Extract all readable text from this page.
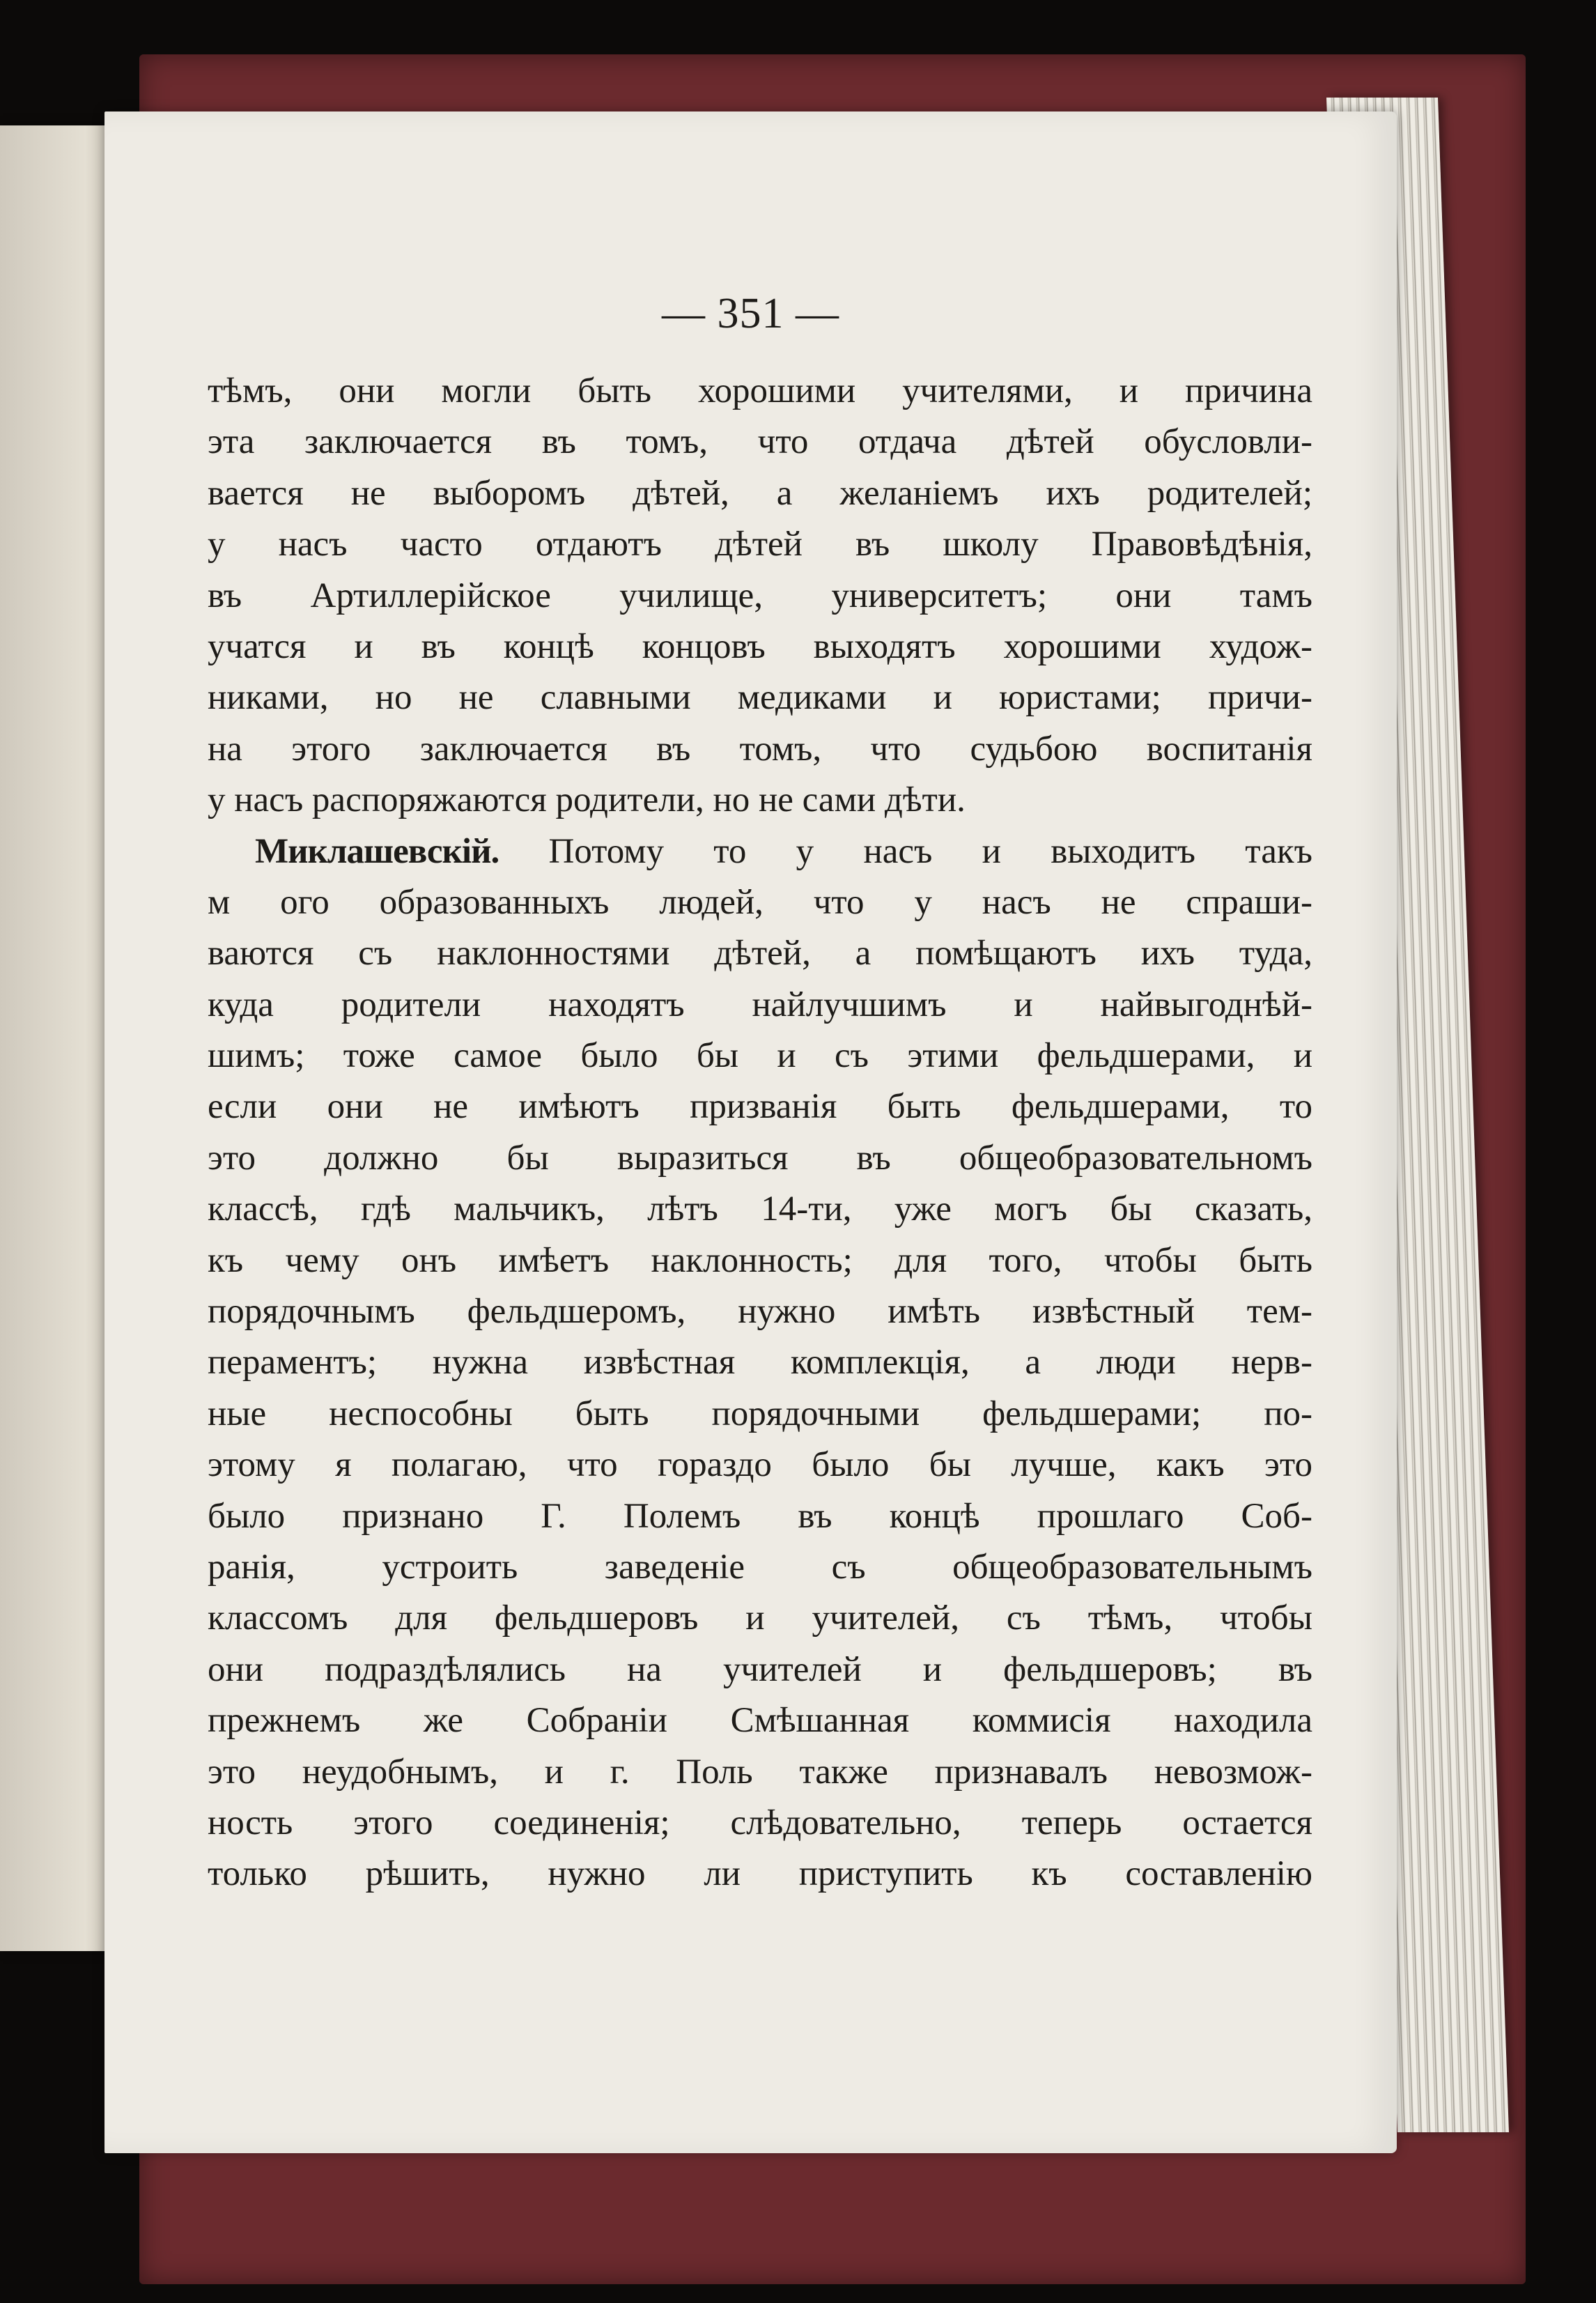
— 351 —
тѣмъ, они могли быть хорошими учителями, и причина
эта заключается въ томъ, что отдача дѣтей обусловли-
вается не выборомъ дѣтей, а желаніемъ ихъ родителей;
у насъ часто отдаютъ дѣтей въ школу Правовѣдѣнія,
въ Артиллерійское училище, университетъ; они тамъ
учатся и въ концѣ концовъ выходятъ хорошими худож-
никами, но не славными медиками и юристами; причи-
на этого заключается въ томъ, что судьбою воспитанія
у насъ распоряжаются родители, но не сами дѣти.
Миклашевскій. Потому то у насъ и выходитъ такъ
м ого образованныхъ людей, что у насъ не спраши-
ваются съ наклонностями дѣтей, а помѣщаютъ ихъ туда,
куда родители находятъ найлучшимъ и найвыгоднѣй-
шимъ; тоже самое было бы и съ этими фельдшерами, и
если они не имѣютъ призванія быть фельдшерами, то
это должно бы выразиться въ общеобразовательномъ
классѣ, гдѣ мальчикъ, лѣтъ 14-ти, уже могъ бы сказать,
къ чему онъ имѣетъ наклонность; для того, чтобы быть
порядочнымъ фельдшеромъ, нужно имѣть извѣстный тем-
пераментъ; нужна извѣстная комплекція, а люди нерв-
ные неспособны быть порядочными фельдшерами; по-
этому я полагаю, что гораздо было бы лучше, какъ это
было признано Г. Полемъ въ концѣ прошлаго Соб-
ранія, устроить заведеніе съ общеобразовательнымъ
классомъ для фельдшеровъ и учителей, съ тѣмъ, чтобы
они подраздѣлялись на учителей и фельдшеровъ; въ
прежнемъ же Собраніи Смѣшанная коммисія находила
это неудобнымъ, и г. Поль также признавалъ невозмож-
ность этого соединенія; слѣдовательно, теперь остается
только рѣшить, нужно ли приступить къ составленію
